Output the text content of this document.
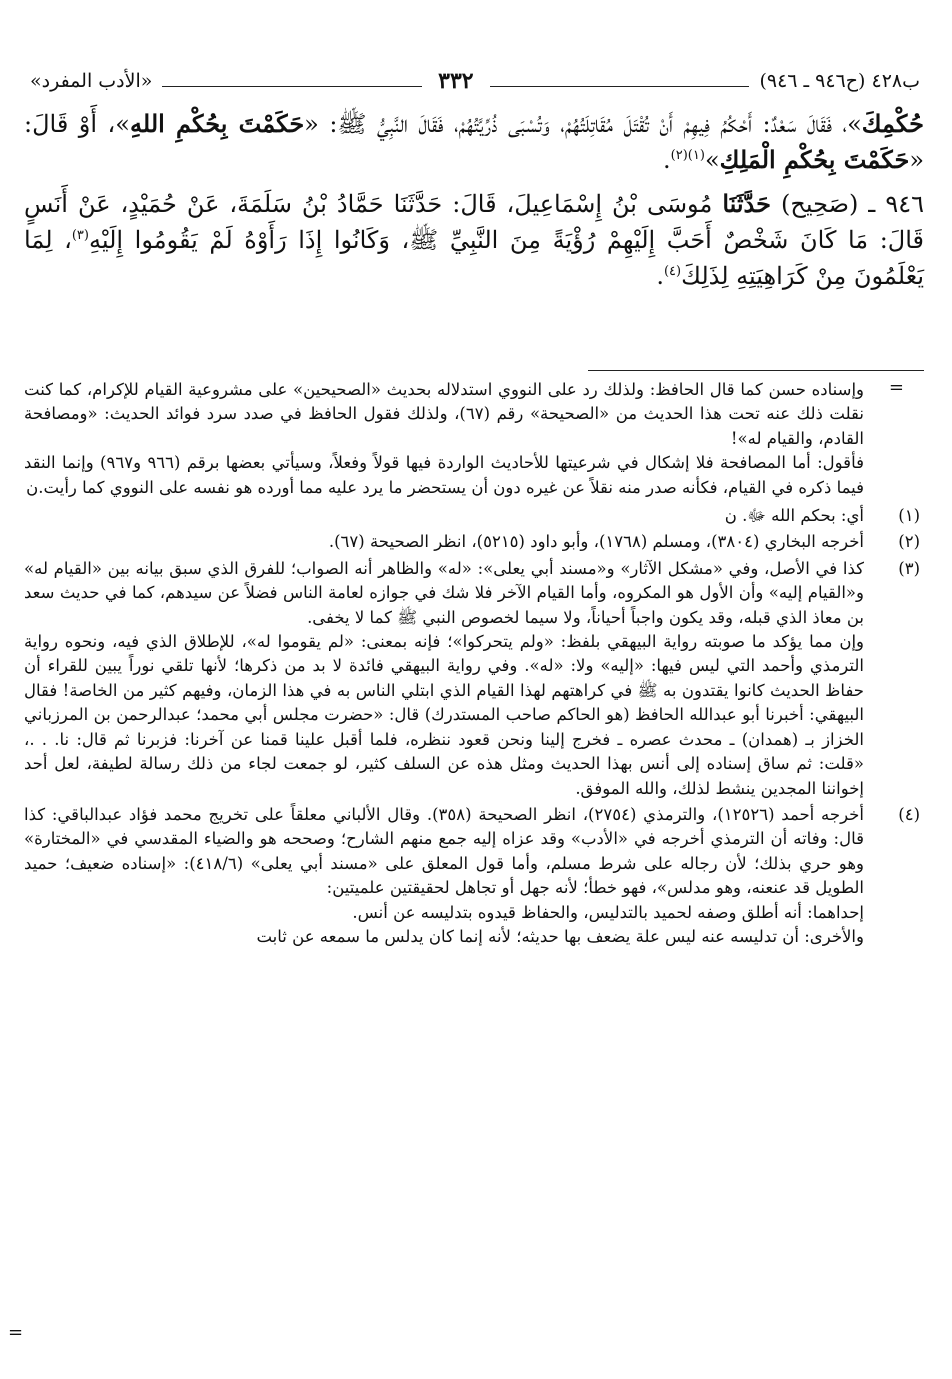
ب٤٢٨ (ح٩٤٦ ـ ٩٤٦)
٣٣٢
«الأدب المفرد»

حُكْمِكَ»، فَقَالَ سَعْدٌ: أَحْكُمُ فِيهِمْ أَنْ تُقْتَلَ مُقَاتِلَتُهُمْ، وَتُسْبَى ذُرِّيَّتُهُمْ، فَقَالَ النَّبِيُّ ﷺ: «حَكَمْتَ بِحُكْمِ اللهِ»، أَوْ قَالَ: «حَكَمْتَ بِحُكْمِ الْمَلِكِ»$^{(١)(٢)}$.

٩٤٦ ـ (صَحِيح) حَدَّثَنَا مُوسَى بْنُ إِسْمَاعِيلَ، قَالَ: حَدَّثَنَا حَمَّادُ بْنُ سَلَمَةَ، عَنْ حُمَيْدٍ، عَنْ أَنَسٍ قَالَ: مَا كَانَ شَخْصٌ أَحَبَّ إِلَيْهِمْ رُؤْيَةً مِنَ النَّبِيِّ ﷺ، وَكَانُوا إِذَا رَأَوْهُ لَمْ يَقُومُوا إِلَيْهِ$^{(٣)}$، لِمَا يَعْلَمُونَ مِنْ كَرَاهِيَتِهِ لِذَلِكَ$^{(٤)}$.

=

وإسناده حسن كما قال الحافظ: ولذلك رد على النووي استدلاله بحديث «الصحيحين» على مشروعية القيام للإكرام، كما كنت نقلت ذلك عنه تحت هذا الحديث من «الصحيحة» رقم (٦٧)، ولذلك فقول الحافظ في صدد سرد فوائد الحديث: «ومصافحة القادم، والقيام له»!

فأقول: أما المصافحة فلا إشكال في شرعيتها للأحاديث الواردة فيها قولاً وفعلاً، وسيأتي بعضها برقم (٩٦٦ و٩٦٧) وإنما النقد فيما ذكره في القيام، فكأنه صدر منه نقلاً عن غيره دون أن يستحضر ما يرد عليه مما أورده هو نفسه على النووي كما رأيت.ن

(١)

أي: بحكم الله ﷻ. ن

(٢)

أخرجه البخاري (٣٨٠٤)، ومسلم (١٧٦٨)، وأبو داود (٥٢١٥)، انظر الصحيحة (٦٧).

(٣)

كذا في الأصل، وفي «مشكل الآثار» و«مسند أبي يعلى»: «له» والظاهر أنه الصواب؛ للفرق الذي سبق بيانه بين «القيام له» و«القيام إليه» وأن الأول هو المكروه، وأما القيام الآخر فلا شك في جوازه لعامة الناس فضلاً عن سيدهم، كما في حديث سعد بن معاذ الذي قبله، وقد يكون واجباً أحياناً، ولا سيما لخصوص النبي ﷺ كما لا يخفى.

وإن مما يؤكد ما صوبته رواية البيهقي بلفظ: «ولم يتحركوا»؛ فإنه بمعنى: «لم يقوموا له»، للإطلاق الذي فيه، ونحوه رواية الترمذي وأحمد التي ليس فيها: «إليه» ولا: «له». وفي رواية البيهقي فائدة لا بد من ذكرها؛ لأنها تلقي نوراً يبين للقراء أن حفاظ الحديث كانوا يقتدون به ﷺ في كراهتهم لهذا القيام الذي ابتلي الناس به في هذا الزمان، وفيهم كثير من الخاصة! فقال البيهقي: أخبرنا أبو عبدالله الحافظ (هو الحاكم صاحب المستدرك) قال: «حضرت مجلس أبي محمد؛ عبدالرحمن بن المرزباني الخزاز بـ (همدان) ـ محدث عصره ـ فخرج إلينا ونحن قعود ننظره، فلما أقبل علينا قمنا عن آخرنا: فزبرنا ثم قال: نا. . .، «قلت: ثم ساق إسناده إلى أنس بهذا الحديث ومثل هذه عن السلف كثير، لو جمعت لجاء من ذلك رسالة لطيفة، لعل أحد إخواننا المجدين ينشط لذلك، والله الموفق.

(٤)

أخرجه أحمد (١٢٥٢٦)، والترمذي (٢٧٥٤)، انظر الصحيحة (٣٥٨). وقال الألباني معلقاً على تخريج محمد فؤاد عبدالباقي: كذا قال: وفاته أن الترمذي أخرجه في «الأدب» وقد عزاه إليه جمع منهم الشارح؛ وصححه هو والضياء المقدسي في «المختارة» وهو حري بذلك؛ لأن رجاله على شرط مسلم، وأما قول المعلق على «مسند أبي يعلى» (٤١٨/٦): «إسناده ضعيف؛ حميد الطويل قد عنعنه، وهو مدلس»، فهو خطأ؛ لأنه جهل أو تجاهل لحقيقتين علميتين:

إحداهما: أنه أطلق وصفه لحميد بالتدليس، والحفاظ قيدوه بتدليسه عن أنس.

والأخرى: أن تدليسه عنه ليس علة يضعف بها حديثه؛ لأنه إنما كان يدلس ما سمعه عن ثابت

=
